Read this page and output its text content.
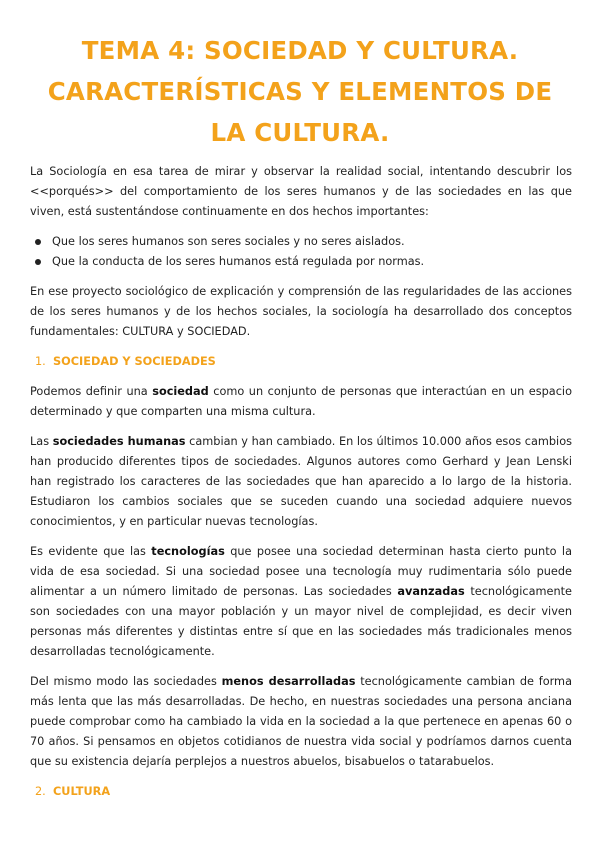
TEMA 4: SOCIEDAD Y CULTURA. CARACTERÍSTICAS Y ELEMENTOS DE LA CULTURA.

La Sociología en esa tarea de mirar y observar la realidad social, intentando descubrir los <<porqués>> del comportamiento de los seres humanos y de las sociedades en las que viven, está sustentándose continuamente en dos hechos importantes:

Que los seres humanos son seres sociales y no seres aislados.
Que la conducta de los seres humanos está regulada por normas.

En ese proyecto sociológico de explicación y comprensión de las regularidades de las acciones de los seres humanos y de los hechos sociales, la sociología ha desarrollado dos conceptos fundamentales: CULTURA y SOCIEDAD.

1. SOCIEDAD Y SOCIEDADES

Podemos definir una sociedad como un conjunto de personas que interactúan en un espacio determinado y que comparten una misma cultura.

Las sociedades humanas cambian y han cambiado. En los últimos 10.000 años esos cambios han producido diferentes tipos de sociedades. Algunos autores como Gerhard y Jean Lenski han registrado los caracteres de las sociedades que han aparecido a lo largo de la historia. Estudiaron los cambios sociales que se suceden cuando una sociedad adquiere nuevos conocimientos, y en particular nuevas tecnologías.

Es evidente que las tecnologías que posee una sociedad determinan hasta cierto punto la vida de esa sociedad. Si una sociedad posee una tecnología muy rudimentaria sólo puede alimentar a un número limitado de personas. Las sociedades avanzadas tecnológicamente son sociedades con una mayor población y un mayor nivel de complejidad, es decir viven personas más diferentes y distintas entre sí que en las sociedades más tradicionales menos desarrolladas tecnológicamente.

Del mismo modo las sociedades menos desarrolladas tecnológicamente cambian de forma más lenta que las más desarrolladas. De hecho, en nuestras sociedades una persona anciana puede comprobar como ha cambiado la vida en la sociedad a la que pertenece en apenas 60 o 70 años. Si pensamos en objetos cotidianos de nuestra vida social y podríamos darnos cuenta que su existencia dejaría perplejos a nuestros abuelos, bisabuelos o tatarabuelos.

2. CULTURA
